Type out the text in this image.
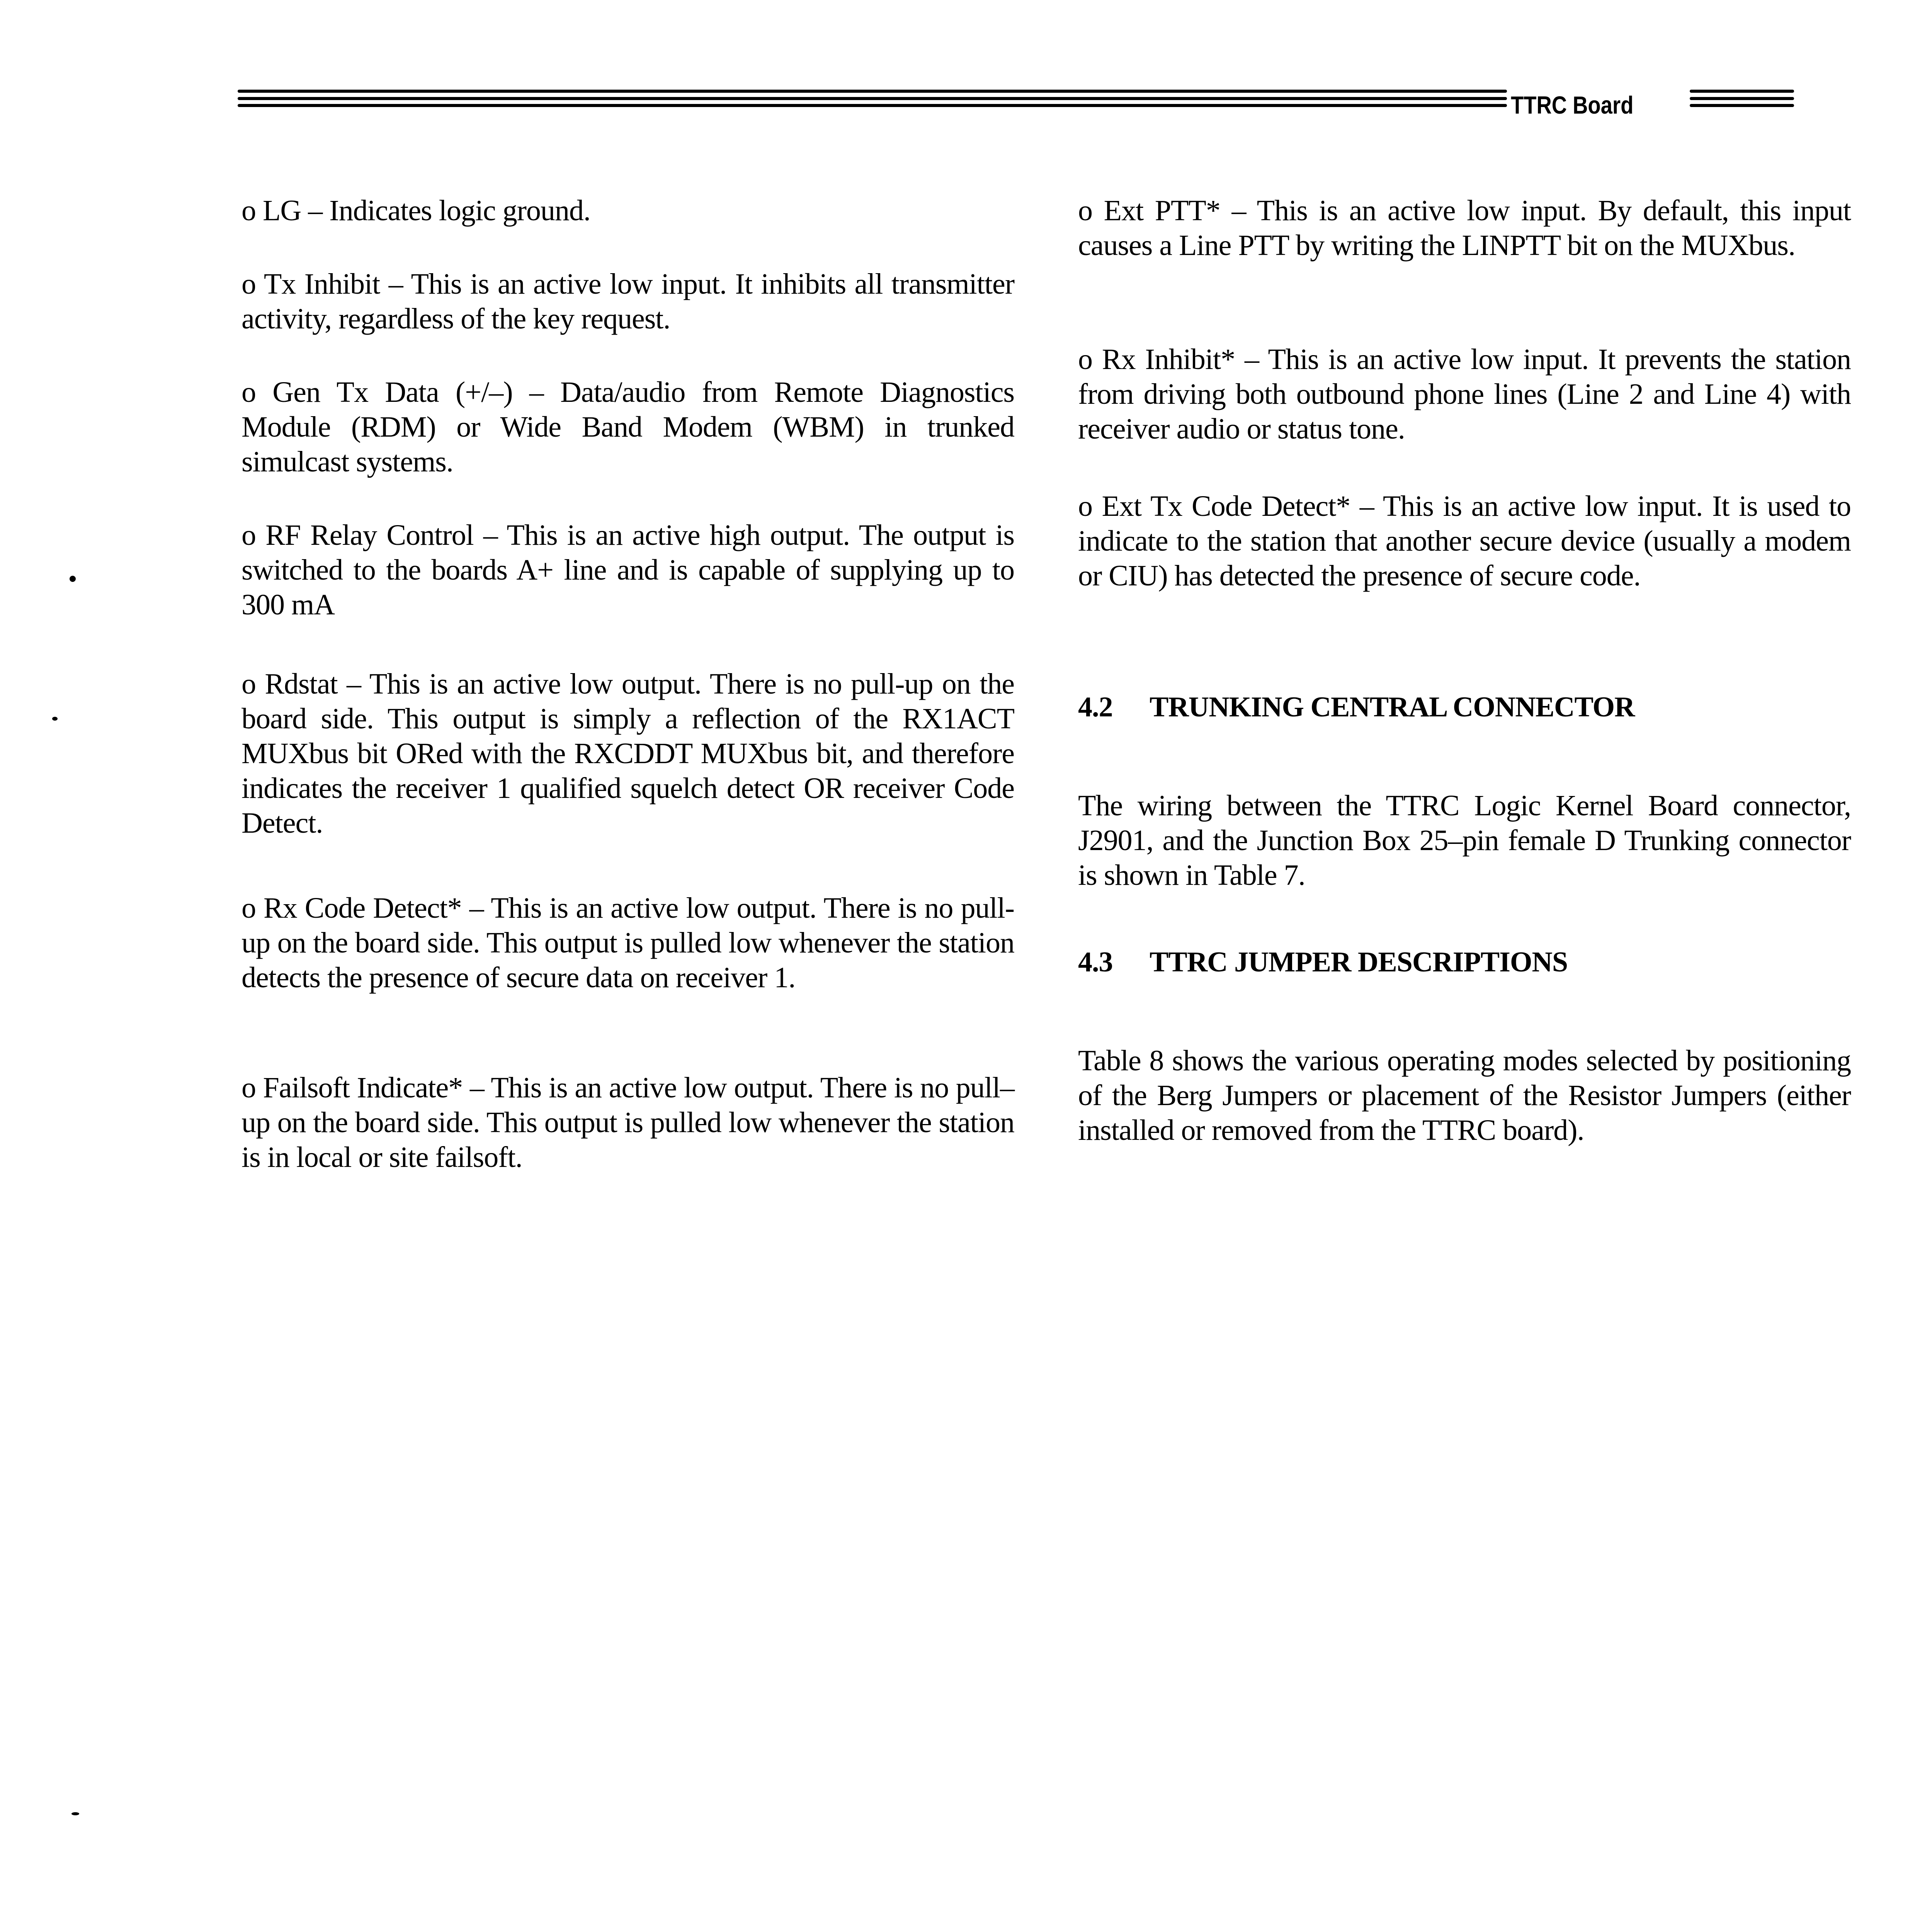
TTRC Board

o LG – Indicates logic ground.

o Tx Inhibit – This is an active low input. It inhibits all transmitter activity, regardless of the key request.

o Gen Tx Data (+/–) – Data/audio from Remote Diagnostics Module (RDM) or Wide Band Modem (WBM) in trunked simulcast systems.

o RF Relay Control – This is an active high output. The output is switched to the boards A+ line and is capable of supplying up to 300 mA

o Rdstat – This is an active low output. There is no pull-up on the board side. This output is simply a reflection of the RX1ACT MUXbus bit ORed with the RXCDDT MUXbus bit, and therefore indicates the receiver 1 qualified squelch detect OR receiver Code Detect.

o Rx Code Detect* – This is an active low output. There is no pull-up on the board side. This output is pulled low whenever the station detects the presence of secure data on receiver 1.

o Failsoft Indicate* – This is an active low output. There is no pull–up on the board side. This output is pulled low whenever the station is in local or site failsoft.

o Ext PTT* – This is an active low input. By default, this input causes a Line PTT by writing the LINPTT bit on the MUXbus.

o Rx Inhibit* – This is an active low input. It prevents the station from driving both outbound phone lines (Line 2 and Line 4) with receiver audio or status tone.

o Ext Tx Code Detect* – This is an active low input. It is used to indicate to the station that another secure device (usually a modem or CIU) has detected the presence of secure code.

4.2 TRUNKING CENTRAL CONNECTOR

The wiring between the TTRC Logic Kernel Board connector, J2901, and the Junction Box 25–pin female D Trunking connector is shown in Table 7.

4.3 TTRC JUMPER DESCRIPTIONS

Table 8 shows the various operating modes selected by positioning of the Berg Jumpers or placement of the Resistor Jumpers (either installed or removed from the TTRC board).
